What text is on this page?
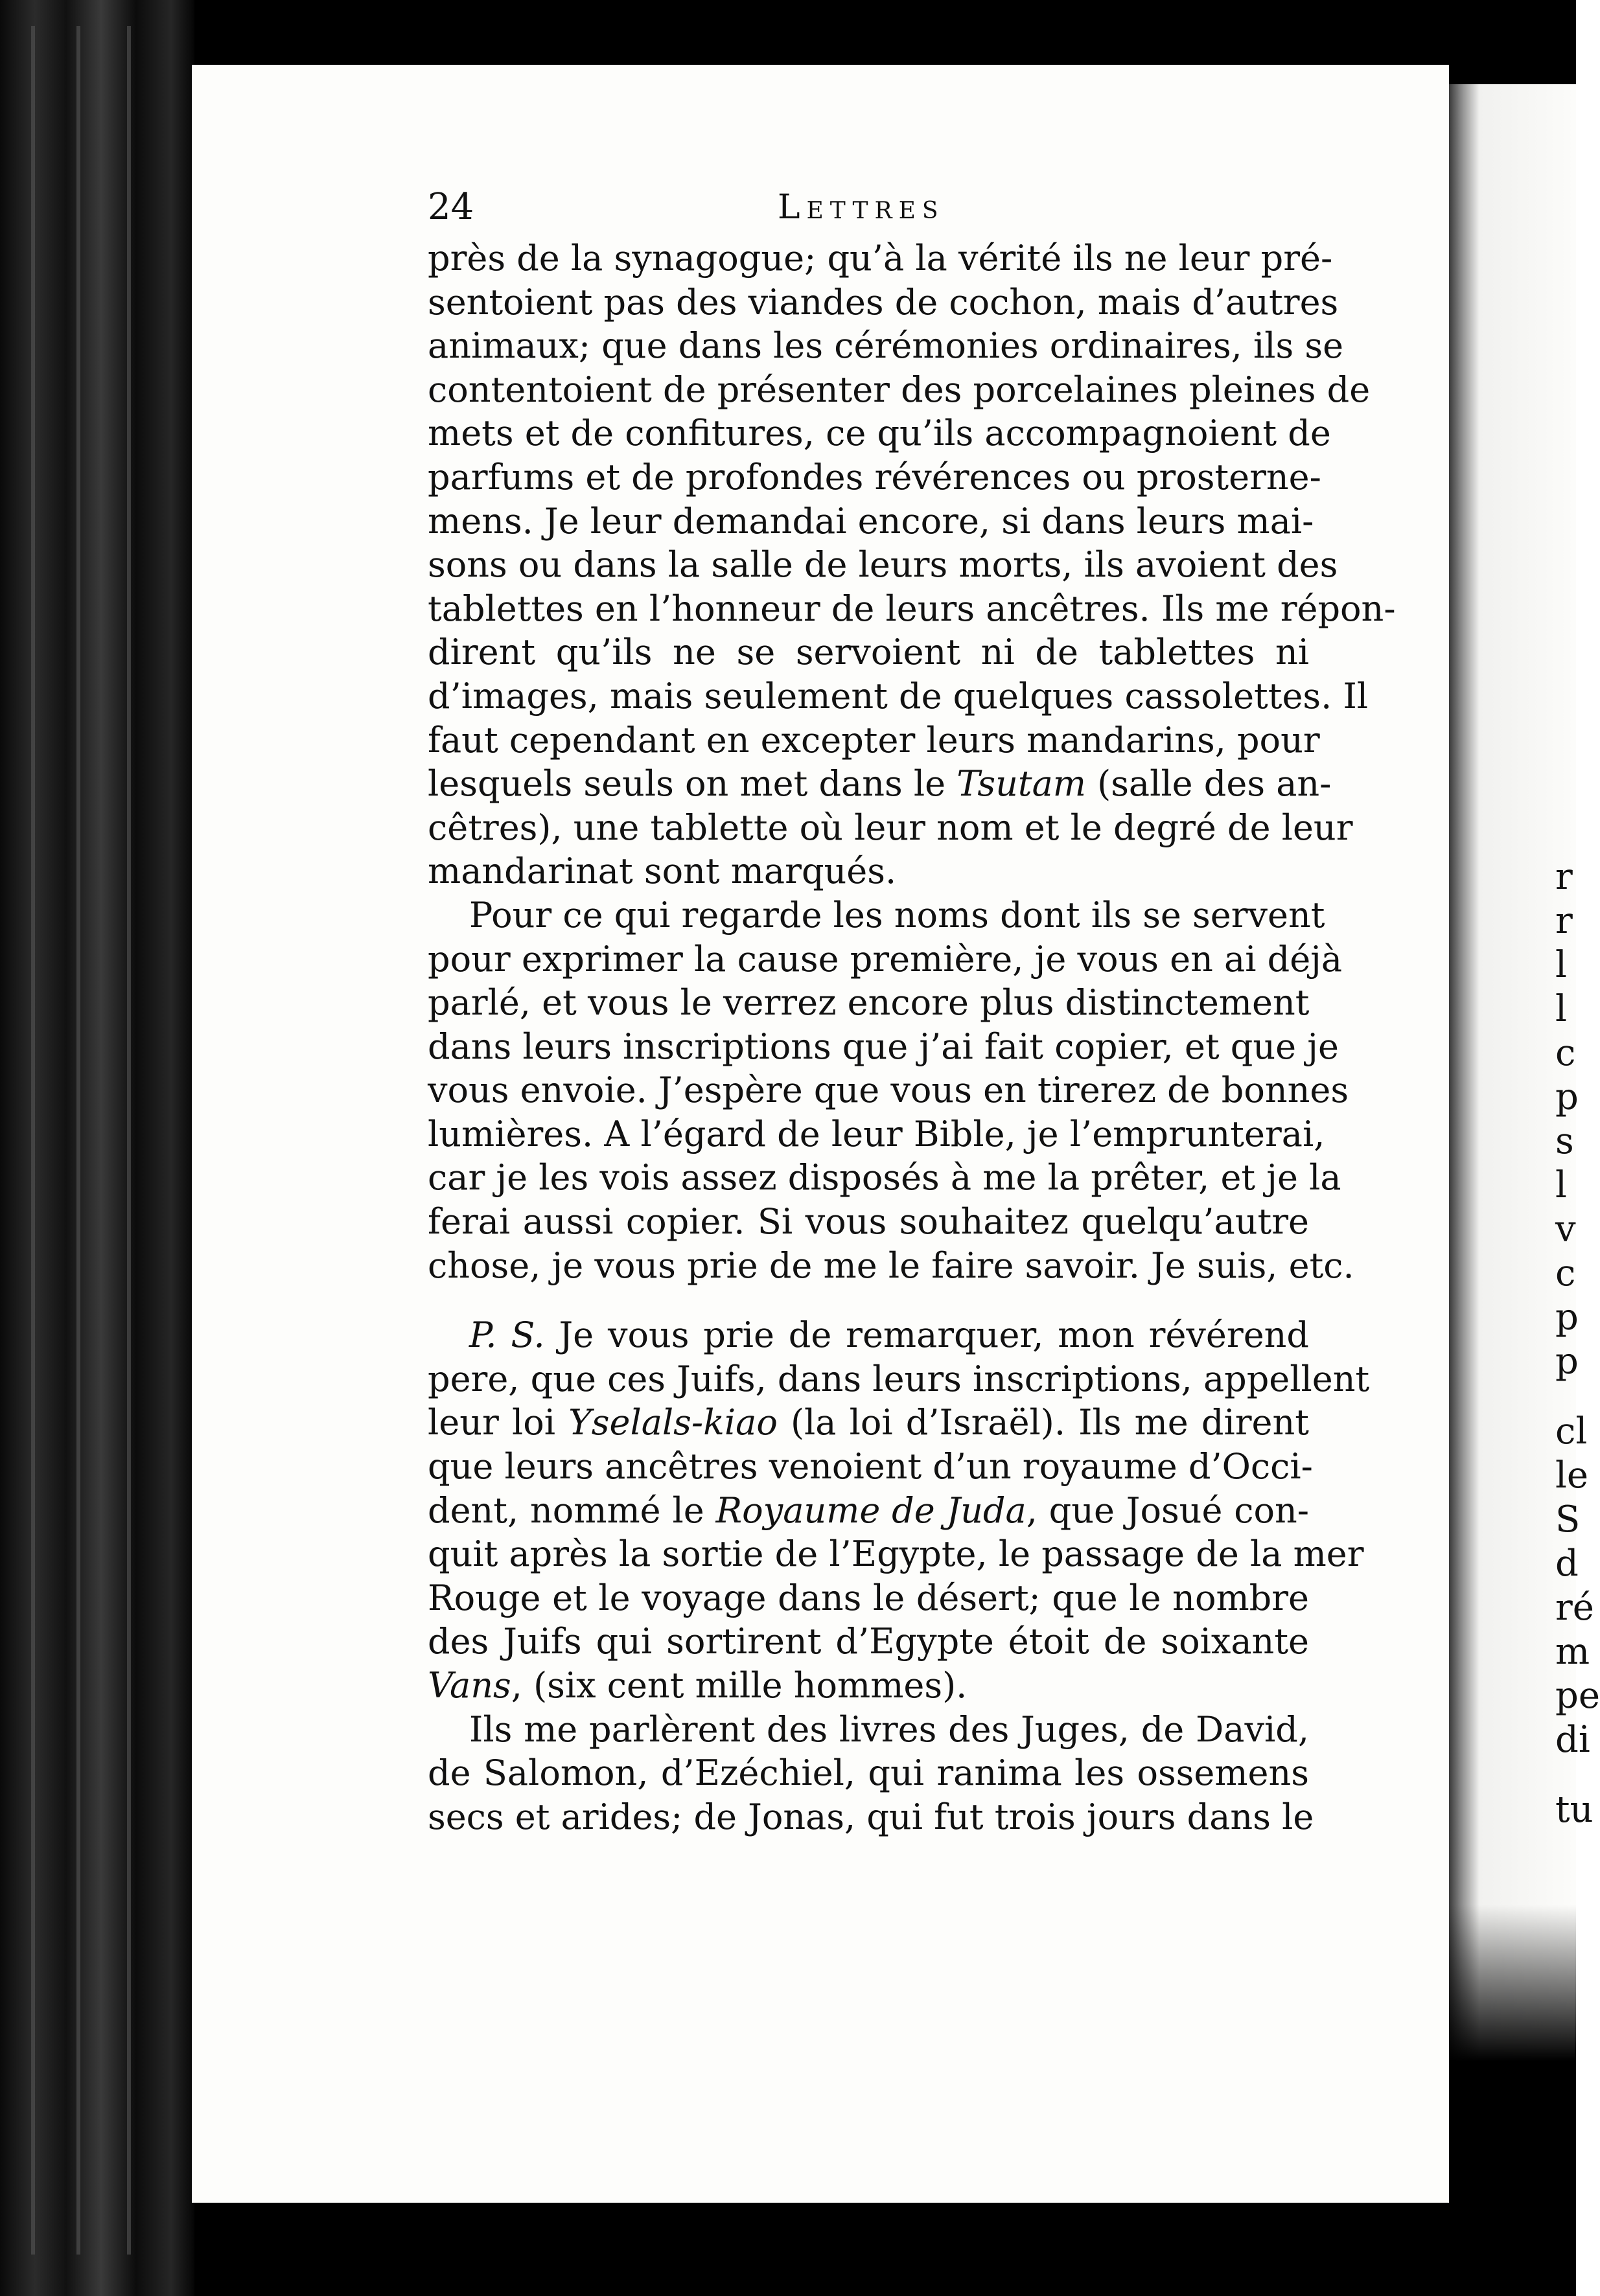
r
r
l
l
c
p
s
l
v
c
p
p
cl
le
S
d
ré
m
pe
di
tu
24	Lettres
près de la synagogue; qu’à la vérité ils ne leur pré-
sentoient pas des viandes de cochon, mais d’autres
animaux; que dans les cérémonies ordinaires, ils se
contentoient de présenter des porcelaines pleines de
mets et de confitures, ce qu’ils accompagnoient de
parfums et de profondes révérences ou prosterne-
mens. Je leur demandai encore, si dans leurs mai-
sons ou dans la salle de leurs morts, ils avoient des
tablettes en l’honneur de leurs ancêtres. Ils me répon-
dirent qu’ils ne se servoient ni de tablettes ni
d’images, mais seulement de quelques cassolettes. Il
faut cependant en excepter leurs mandarins, pour
lesquels seuls on met dans le Tsutam (salle des an-
cêtres), une tablette où leur nom et le degré de leur
mandarinat sont marqués.
Pour ce qui regarde les noms dont ils se servent
pour exprimer la cause première, je vous en ai déjà
parlé, et vous le verrez encore plus distinctement
dans leurs inscriptions que j’ai fait copier, et que je
vous envoie. J’espère que vous en tirerez de bonnes
lumières. A l’égard de leur Bible, je l’emprunterai,
car je les vois assez disposés à me la prêter, et je la
ferai aussi copier. Si vous souhaitez quelqu’autre
chose, je vous prie de me le faire savoir. Je suis, etc.
P. S. Je vous prie de remarquer, mon révérend
pere, que ces Juifs, dans leurs inscriptions, appellent
leur loi Yselals-kiao (la loi d’Israël). Ils me dirent
que leurs ancêtres venoient d’un royaume d’Occi-
dent, nommé le Royaume de Juda, que Josué con-
quit après la sortie de l’Egypte, le passage de la mer
Rouge et le voyage dans le désert; que le nombre
des Juifs qui sortirent d’Egypte étoit de soixante
Vans, (six cent mille hommes).
Ils me parlèrent des livres des Juges, de David,
de Salomon, d’Ezéchiel, qui ranima les ossemens
secs et arides; de Jonas, qui fut trois jours dans le
